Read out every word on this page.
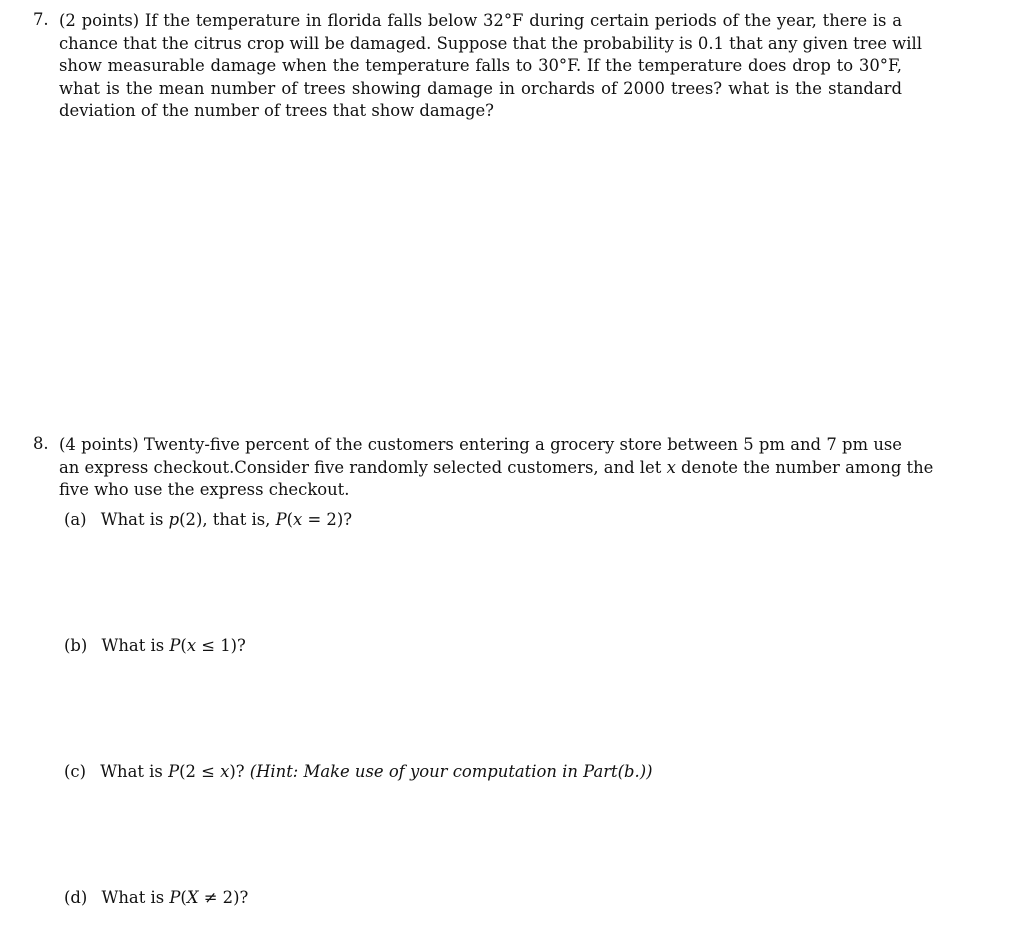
7. (2 points) If the temperature in florida falls below 32°F during certain periods of the year, there is a
chance that the citrus crop will be damaged. Suppose that the probability is 0.1 that any given tree will
show measurable damage when the temperature falls to 30°F. If the temperature does drop to 30°F,
what is the mean number of trees showing damage in orchards of 2000 trees? what is the standard
deviation of the number of trees that show damage?
8. (4 points) Twenty-five percent of the customers entering a grocery store between 5 pm and 7 pm use
an express checkout.Consider five randomly selected customers, and let x denote the number among the
five who use the express checkout.
(a) What is p(2), that is, P(x = 2)?
(b) What is P(x ≤ 1)?
(c) What is P(2 ≤ x)? (Hint: Make use of your computation in Part(b.))
(d) What is P(X ≠ 2)?
